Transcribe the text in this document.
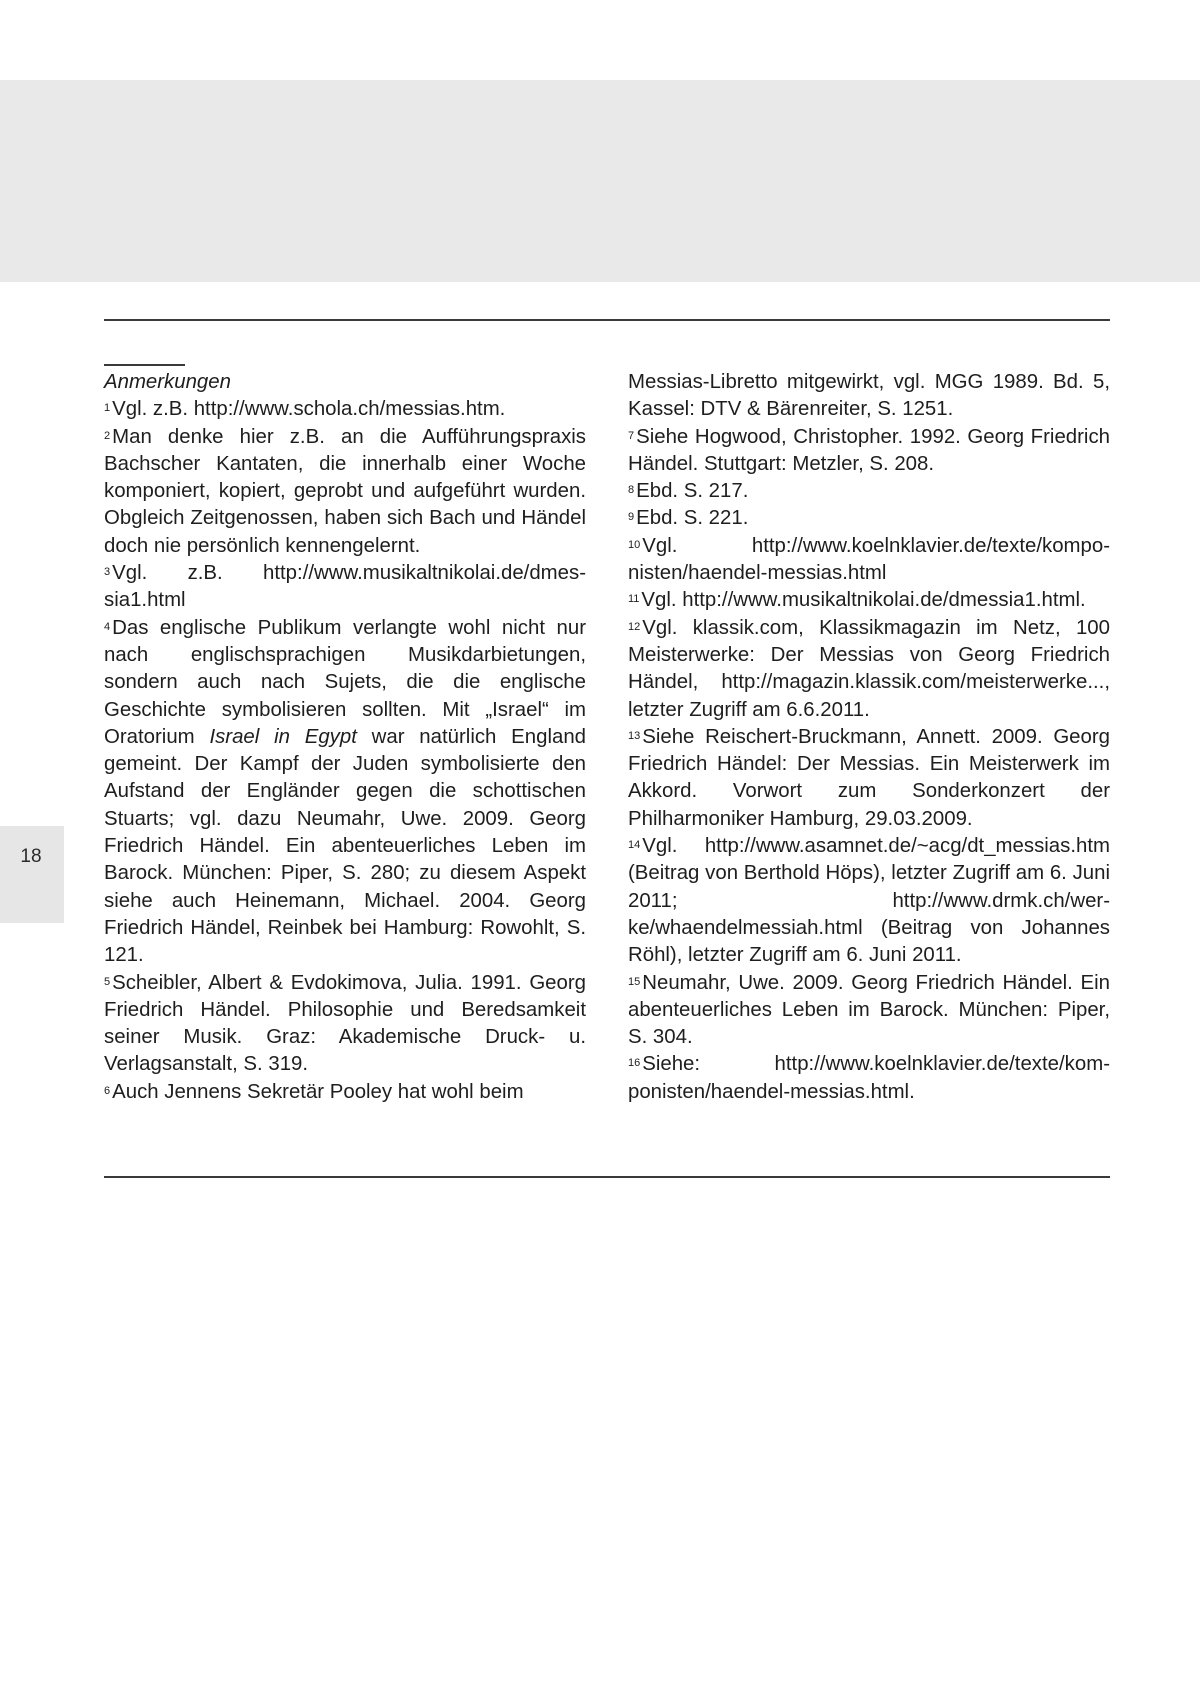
18

Anmerkungen

$^1$Vgl. z.B. http://www.schola.ch/messias.htm.

$^2$Man denke hier z.B. an die Aufführungspraxis Bachscher Kantaten, die innerhalb einer Woche komponiert, kopiert, geprobt und aufgeführt wurden. Obgleich Zeitgenossen, haben sich Bach und Händel doch nie persönlich kennengelernt.

$^3$Vgl. z.B. http://www.musikaltnikolai.de/dmessia1.html

$^4$Das englische Publikum verlangte wohl nicht nur nach englischsprachigen Musikdarbietungen, sondern auch nach Sujets, die die englische Geschichte symbolisieren sollten. Mit „Israel“ im Oratorium Israel in Egypt war natürlich England gemeint. Der Kampf der Juden symbolisierte den Aufstand der Engländer gegen die schottischen Stuarts; vgl. dazu Neumahr, Uwe. 2009. Georg Friedrich Händel. Ein abenteuerliches Leben im Barock. München: Piper, S. 280; zu diesem Aspekt siehe auch Heinemann, Michael. 2004. Georg Friedrich Händel, Reinbek bei Hamburg: Rowohlt, S. 121.

$^5$Scheibler, Albert & Evdokimova, Julia. 1991. Georg Friedrich Händel. Philosophie und Beredsamkeit seiner Musik. Graz: Akademische Druck- u. Verlagsanstalt, S. 319.

$^6$Auch Jennens Sekretär Pooley hat wohl beim

Messias-Libretto mitgewirkt, vgl. MGG 1989. Bd. 5, Kassel: DTV & Bärenreiter, S. 1251.

$^7$Siehe Hogwood, Christopher. 1992. Georg Friedrich Händel. Stuttgart: Metzler, S. 208.

$^8$Ebd. S. 217.

$^9$Ebd. S. 221.

$^{10}$Vgl. http://www.koelnklavier.de/texte/komponisten/haendel-messias.html

$^{11}$Vgl. http://www.musikaltnikolai.de/dmessia1.​html.

$^{12}$Vgl. klassik.com, Klassikmagazin im Netz, 100 Meisterwerke: Der Messias von Georg Friedrich Händel, http://magazin.klassik.com/meisterwerke..., letzter Zugriff am 6.6.2011.

$^{13}$Siehe Reischert-Bruckmann, Annett. 2009. Georg Friedrich Händel: Der Messias. Ein Meisterwerk im Akkord. Vorwort zum Sonderkonzert der Philharmoniker Hamburg, 29.03.2009.

$^{14}$Vgl. http://www.asamnet.de/~acg/dt_messias.htm (Beitrag von Berthold Höps), letzter Zugriff am 6. Juni 2011; http://www.drmk.ch/werke/whaendelmessiah.html (Beitrag von Johannes Röhl), letzter Zugriff am 6. Juni 2011.

$^{15}$Neumahr, Uwe. 2009. Georg Friedrich Händel. Ein abenteuerliches Leben im Barock. München: Piper, S. 304.

$^{16}$Siehe: http://www.koelnklavier.de/texte/komponisten/haendel-messias.html.
